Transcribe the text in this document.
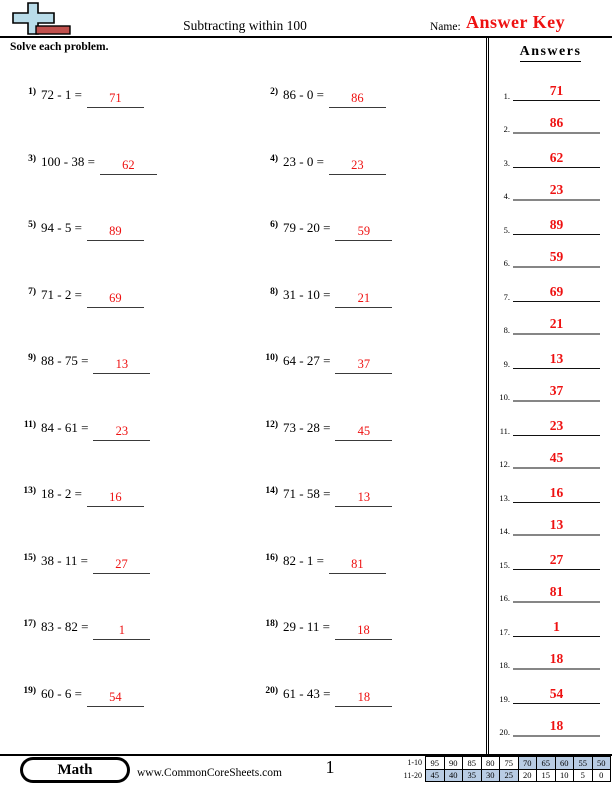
Subtracting within 100	Name: Answer Key
Solve each problem.
1) 72 - 1 = 71	2) 86 - 0 = 86
3) 100 - 38 = 62	4) 23 - 0 = 23
5) 94 - 5 = 89	6) 79 - 20 = 59
7) 71 - 2 = 69	8) 31 - 10 = 21
9) 88 - 75 = 13	10) 64 - 27 = 37
11) 84 - 61 = 23	12) 73 - 28 = 45
13) 18 - 2 = 16	14) 71 - 58 = 13
15) 38 - 11 = 27	16) 82 - 1 = 81
17) 83 - 82 = 1	18) 29 - 11 = 18
19) 60 - 6 = 54	20) 61 - 43 = 18
Answers
1.	71
2.	86
3.	62
4.	23
5.	89
6.	59
7.	69
8.	21
9.	13
10.	37
11.	23
12.	45
13.	16
14.	13
15.	27
16.	81
17.	1
18.	18
19.	54
20.	18
Math	www.CommonCoreSheets.com	1	1-10	95	90	85	80	75	70	65	60	55	50
11-20	45	40	35	30	25	20	15	10	5	0
